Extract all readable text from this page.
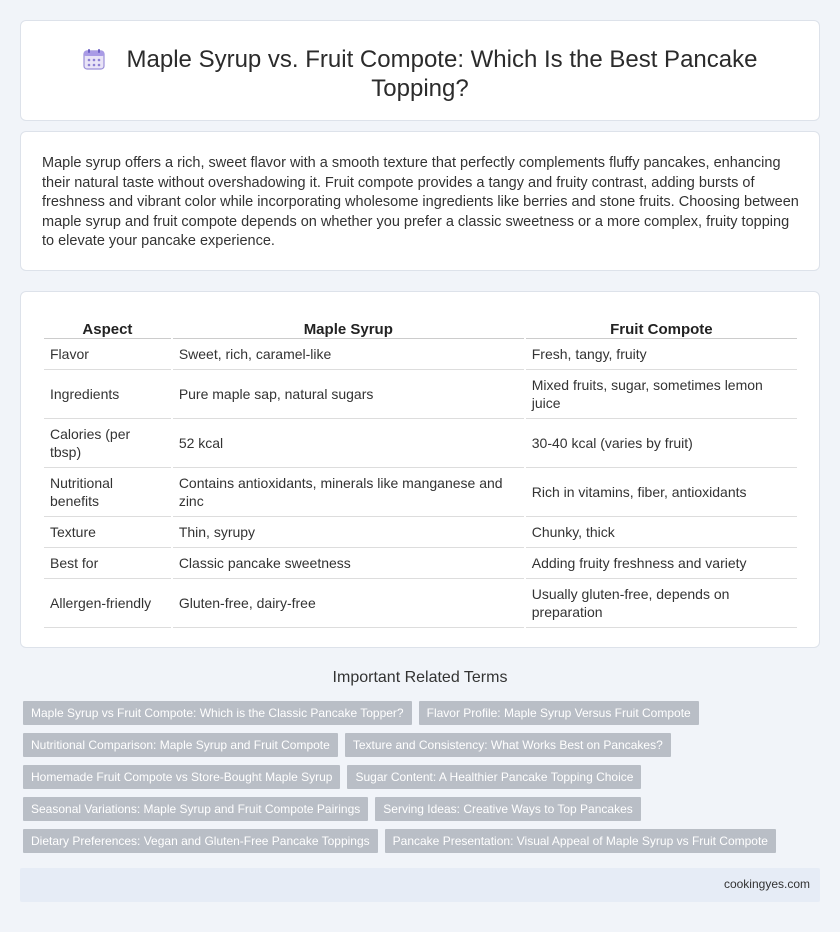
Maple Syrup vs. Fruit Compote: Which Is the Best Pancake Topping?

Maple syrup offers a rich, sweet flavor with a smooth texture that perfectly complements fluffy pancakes, enhancing their natural taste without overshadowing it. Fruit compote provides a tangy and fruity contrast, adding bursts of freshness and vibrant color while incorporating wholesome ingredients like berries and stone fruits. Choosing between maple syrup and fruit compote depends on whether you prefer a classic sweetness or a more complex, fruity topping to elevate your pancake experience.

Aspect	Maple Syrup	Fruit Compote
Flavor	Sweet, rich, caramel-like	Fresh, tangy, fruity
Ingredients	Pure maple sap, natural sugars	Mixed fruits, sugar, sometimes lemon juice
Calories (per tbsp)	52 kcal	30-40 kcal (varies by fruit)
Nutritional benefits	Contains antioxidants, minerals like manganese and zinc	Rich in vitamins, fiber, antioxidants
Texture	Thin, syrupy	Chunky, thick
Best for	Classic pancake sweetness	Adding fruity freshness and variety
Allergen-friendly	Gluten-free, dairy-free	Usually gluten-free, depends on preparation
Important Related Terms
Maple Syrup vs Fruit Compote: Which is the Classic Pancake Topper? Flavor Profile: Maple Syrup Versus Fruit Compote
Nutritional Comparison: Maple Syrup and Fruit Compote Texture and Consistency: What Works Best on Pancakes?
Homemade Fruit Compote vs Store-Bought Maple Syrup Sugar Content: A Healthier Pancake Topping Choice
Seasonal Variations: Maple Syrup and Fruit Compote Pairings Serving Ideas: Creative Ways to Top Pancakes
Dietary Preferences: Vegan and Gluten-Free Pancake Toppings Pancake Presentation: Visual Appeal of Maple Syrup vs Fruit Compote
cookingyes.com
